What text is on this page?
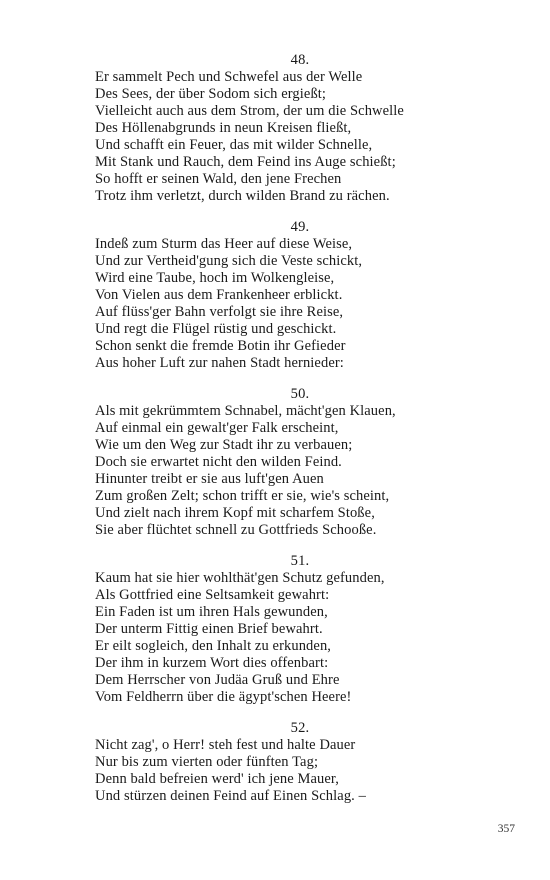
48.
Er sammelt Pech und Schwefel aus der Welle
Des Sees, der über Sodom sich ergießt;
Vielleicht auch aus dem Strom, der um die Schwelle
Des Höllenabgrunds in neun Kreisen fließt,
Und schafft ein Feuer, das mit wilder Schnelle,
Mit Stank und Rauch, dem Feind ins Auge schießt;
So hofft er seinen Wald, den jene Frechen
Trotz ihm verletzt, durch wilden Brand zu rächen.
49.
Indeß zum Sturm das Heer auf diese Weise,
Und zur Vertheid'gung sich die Veste schickt,
Wird eine Taube, hoch im Wolkengleise,
Von Vielen aus dem Frankenheer erblickt.
Auf flüss'ger Bahn verfolgt sie ihre Reise,
Und regt die Flügel rüstig und geschickt.
Schon senkt die fremde Botin ihr Gefieder
Aus hoher Luft zur nahen Stadt hernieder:
50.
Als mit gekrümmtem Schnabel, mächt'gen Klauen,
Auf einmal ein gewalt'ger Falk erscheint,
Wie um den Weg zur Stadt ihr zu verbauen;
Doch sie erwartet nicht den wilden Feind.
Hinunter treibt er sie aus luft'gen Auen
Zum großen Zelt; schon trifft er sie, wie's scheint,
Und zielt nach ihrem Kopf mit scharfem Stoße,
Sie aber flüchtet schnell zu Gottfrieds Schooße.
51.
Kaum hat sie hier wohlthät'gen Schutz gefunden,
Als Gottfried eine Seltsamkeit gewahrt:
Ein Faden ist um ihren Hals gewunden,
Der unterm Fittig einen Brief bewahrt.
Er eilt sogleich, den Inhalt zu erkunden,
Der ihm in kurzem Wort dies offenbart:
Dem Herrscher von Judäa Gruß und Ehre
Vom Feldherrn über die ägypt'schen Heere!
52.
Nicht zag', o Herr! steh fest und halte Dauer
Nur bis zum vierten oder fünften Tag;
Denn bald befreien werd' ich jene Mauer,
Und stürzen deinen Feind auf Einen Schlag. –
357
